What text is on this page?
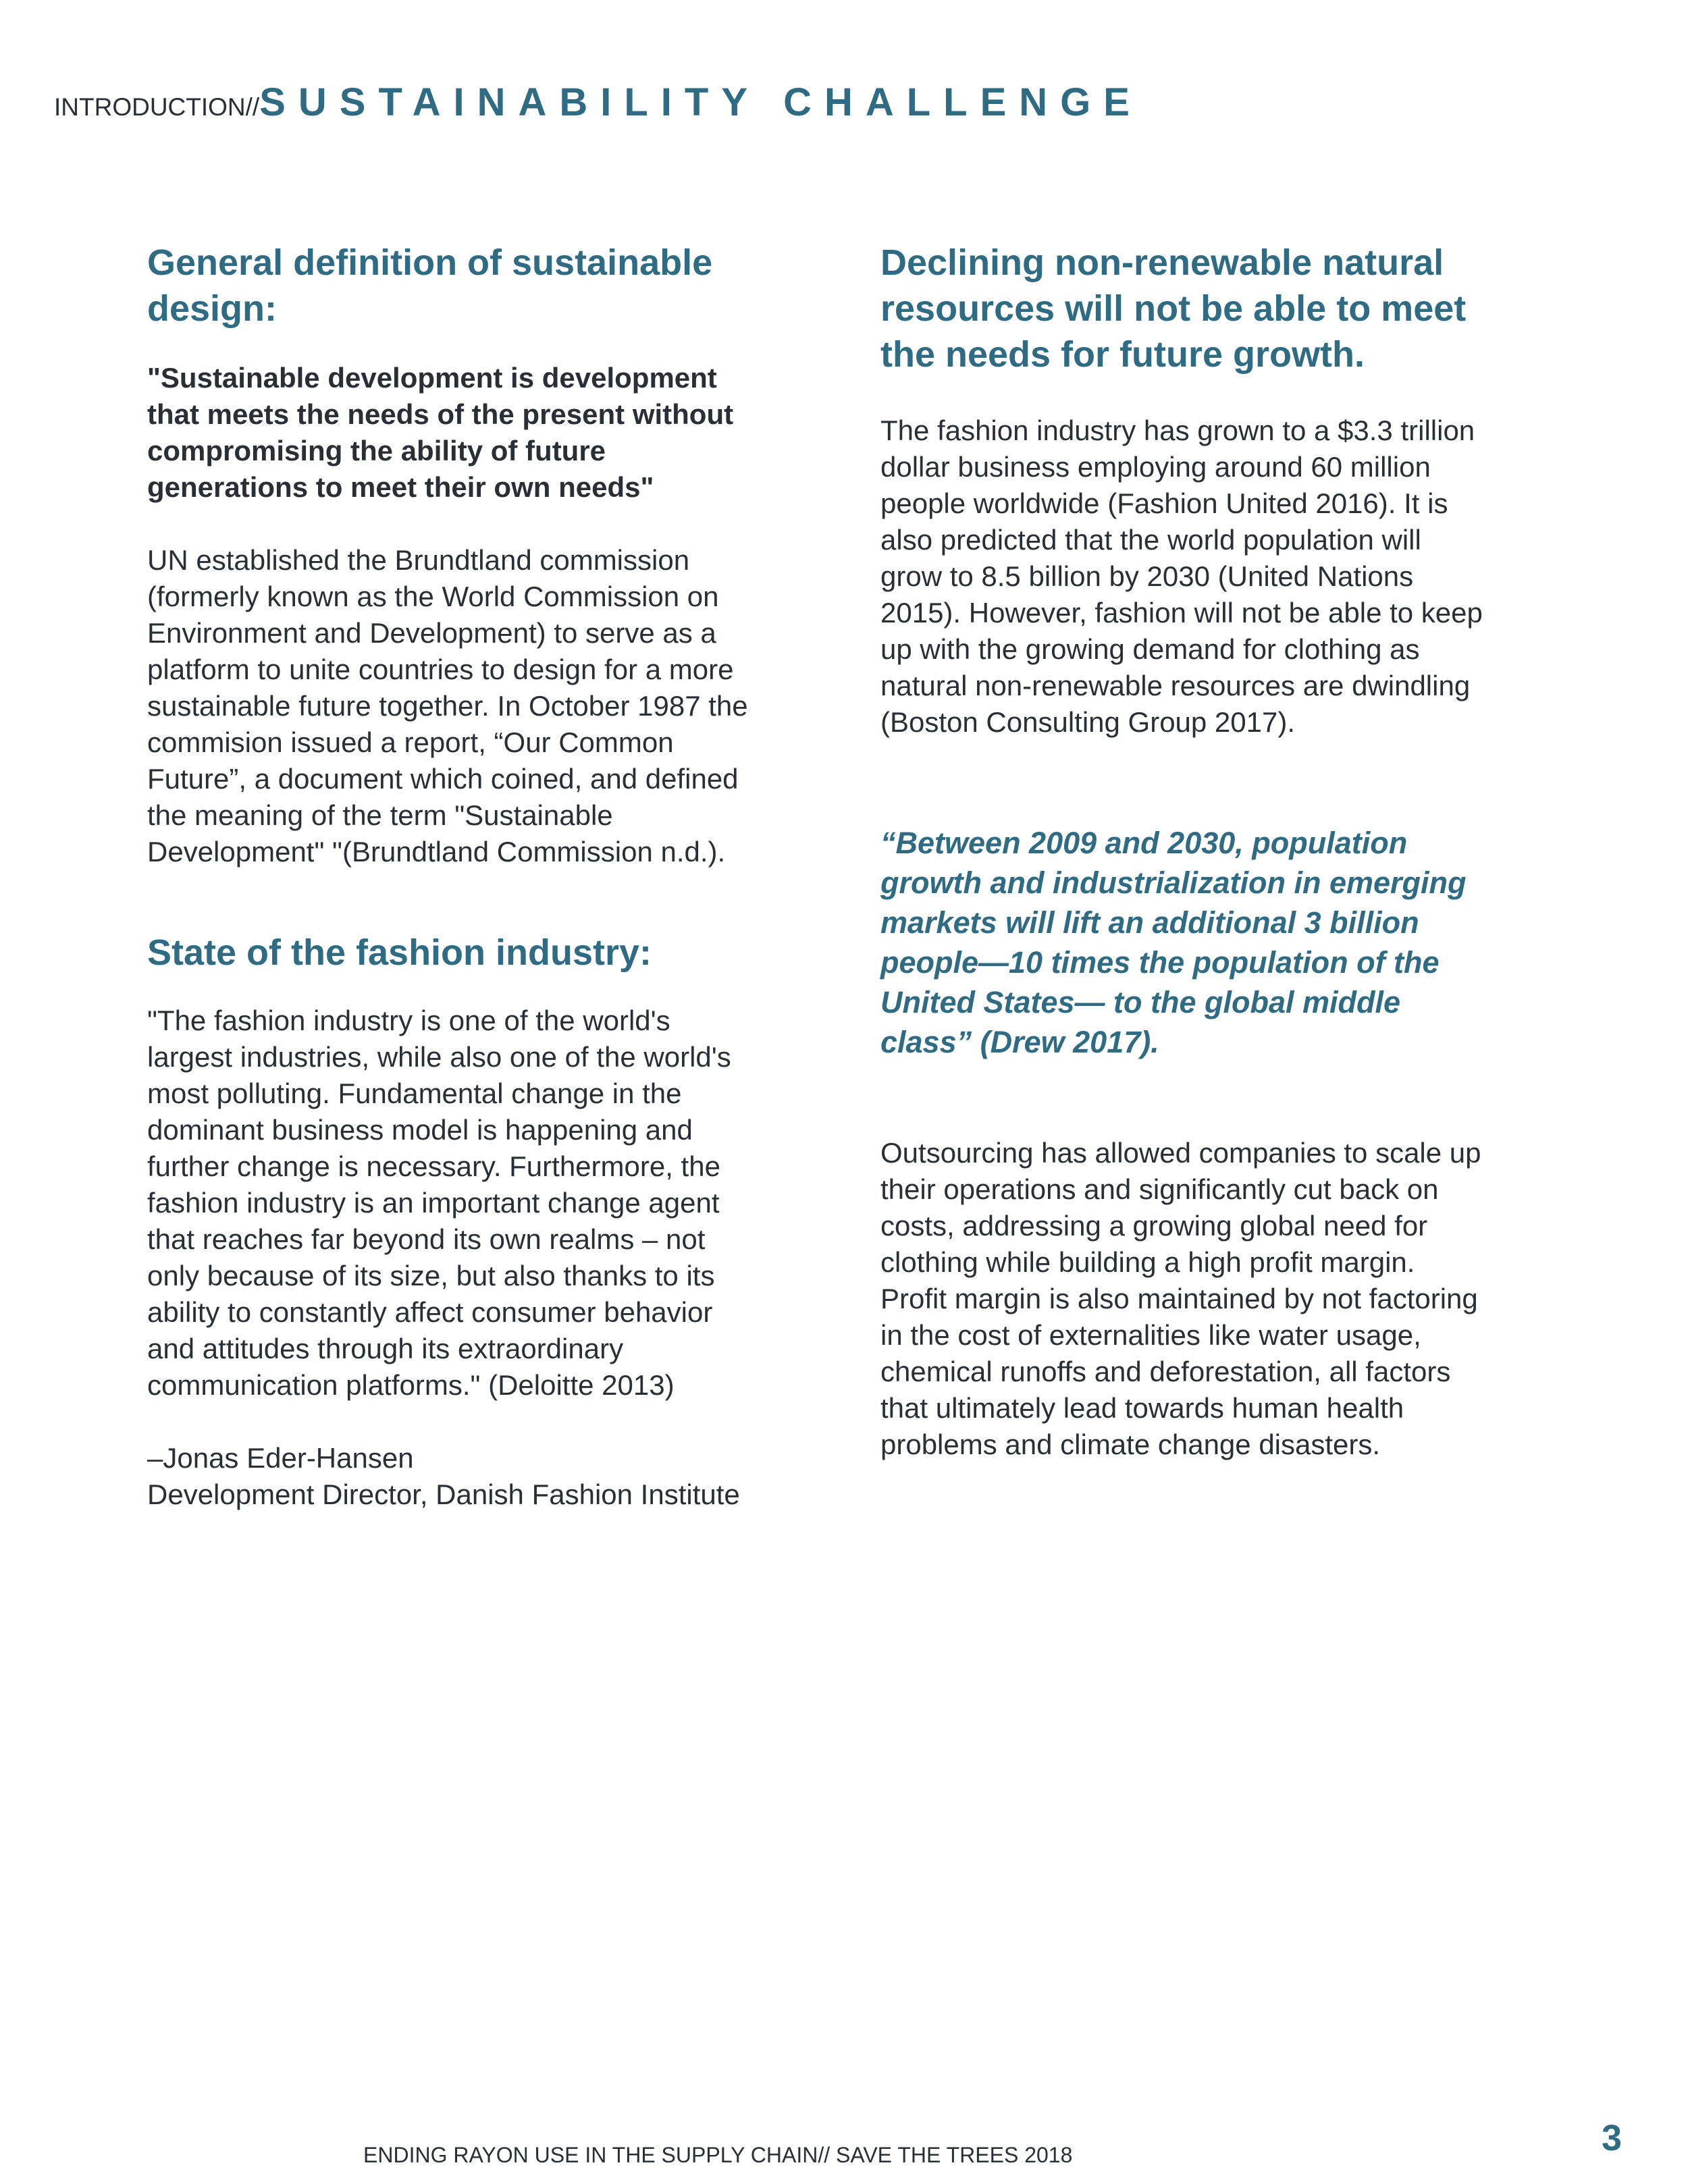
INTRODUCTION//SUSTAINABILITY CHALLENGE
General definition of sustainable design:

"Sustainable development is development that meets the needs of the present without compromising the ability of future generations to meet their own needs"

UN established the Brundtland commission (formerly known as the World Commission on Environment and Development) to serve as a platform to unite countries to design for a more sustainable future together. In October 1987 the commision issued a report, “Our Common Future”, a document which coined, and defined the meaning of the term "Sustainable Development" "(Brundtland Commission n.d.).

State of the fashion industry:

"The fashion industry is one of the world's largest industries, while also one of the world's most polluting. Fundamental change in the dominant business model is happening and further change is necessary. Furthermore, the fashion industry is an important change agent that reaches far beyond its own realms – not only because of its size, but also thanks to its ability to constantly affect consumer behavior and attitudes through its extraordinary communication platforms." (Deloitte 2013)

–Jonas Eder-Hansen

Development Director, Danish Fashion Institute

Declining non-renewable natural resources will not be able to meet the needs for future growth.

The fashion industry has grown to a $3.3 trillion dollar business employing around 60 million people worldwide (Fashion United 2016). It is also predicted that the world population will grow to 8.5 billion by 2030 (United Nations 2015). However, fashion will not be able to keep up with the growing demand for clothing as natural non-renewable resources are dwindling (Boston Consulting Group 2017).

“Between 2009 and 2030, population growth and industrialization in emerging markets will lift an additional 3 billion people—10 times the population of the United States— to the global middle class” (Drew 2017).

Outsourcing has allowed companies to scale up their operations and significantly cut back on costs, addressing a growing global need for clothing while building a high profit margin. Profit margin is also maintained by not factoring in the cost of externalities like water usage, chemical runoffs and deforestation, all factors that ultimately lead towards human health problems and climate change disasters.

ENDING RAYON USE IN THE SUPPLY CHAIN// SAVE THE TREES 2018	3
